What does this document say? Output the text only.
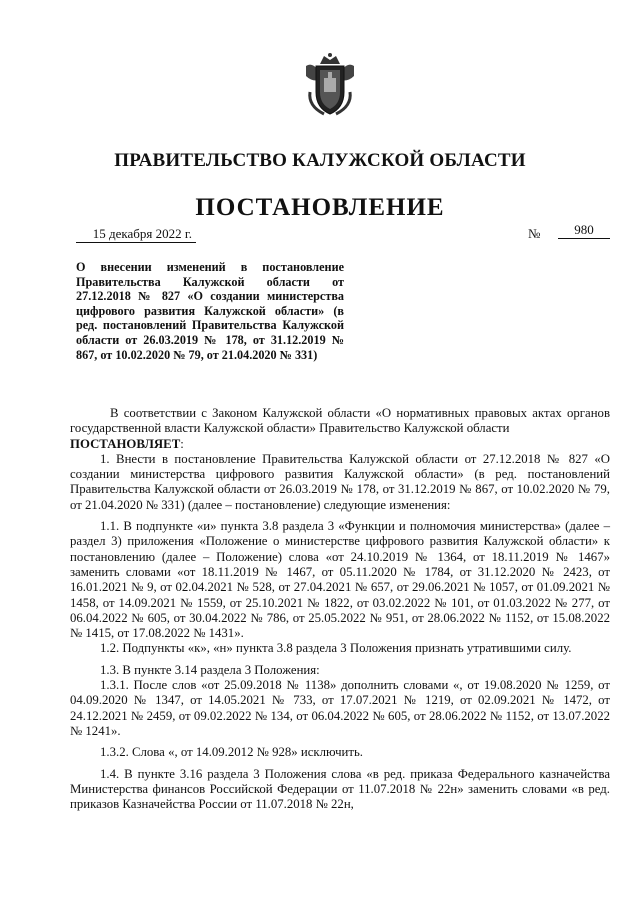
ПРАВИТЕЛЬСТВО КАЛУЖСКОЙ ОБЛАСТИ
ПОСТАНОВЛЕНИЕ
15 декабря 2022 г.	№	980
О внесении изменений в постановление Правительства Калужской области от 27.12.2018 № 827 «О создании министерства цифрового развития Калужской области» (в ред. постановлений Правительства Калужской области от 26.03.2019 № 178, от 31.12.2019 № 867, от 10.02.2020 № 79, от 21.04.2020 № 331)

В соответствии с Законом Калужской области «О нормативных правовых актах органов государственной власти Калужской области» Правительство Калужской области

ПОСТАНОВЛЯЕТ:

1. Внести в постановление Правительства Калужской области от 27.12.2018 № 827 «О создании министерства цифрового развития Калужской области» (в ред. постановлений Правительства Калужской области от 26.03.2019 № 178, от 31.12.2019 № 867, от 10.02.2020 № 79, от 21.04.2020 № 331) (далее – постановление) следующие изменения:

1.1. В подпункте «и» пункта 3.8 раздела 3 «Функции и полномочия министерства» (далее – раздел 3) приложения «Положение о министерстве цифрового развития Калужской области» к постановлению (далее – Положение) слова «от 24.10.2019 № 1364, от 18.11.2019 № 1467» заменить словами «от 18.11.2019 № 1467, от 05.11.2020 № 1784, от 31.12.2020 № 2423, от 16.01.2021 № 9, от 02.04.2021 № 528, от 27.04.2021 № 657, от 29.06.2021 № 1057, от 01.09.2021 № 1458, от 14.09.2021 № 1559, от 25.10.2021 № 1822, от 03.02.2022 № 101, от 01.03.2022 № 277, от 06.04.2022 № 605, от 30.04.2022 № 786, от 25.05.2022 № 951, от 28.06.2022 № 1152, от 15.08.2022 № 1415, от 17.08.2022 № 1431».

1.2. Подпункты «к», «н» пункта 3.8 раздела 3 Положения признать утратившими силу.

1.3. В пункте 3.14 раздела 3 Положения:

1.3.1. После слов «от 25.09.2018 № 1138» дополнить словами «, от 19.08.2020 № 1259, от 04.09.2020 № 1347, от 14.05.2021 № 733, от 17.07.2021 № 1219, от 02.09.2021 № 1472, от 24.12.2021 № 2459, от 09.02.2022 № 134, от 06.04.2022 № 605, от 28.06.2022 № 1152, от 13.07.2022 № 1241».

1.3.2. Слова «, от 14.09.2012 № 928» исключить.

1.4. В пункте 3.16 раздела 3 Положения слова «в ред. приказа Федерального казначейства Министерства финансов Российской Федерации от 11.07.2018 № 22н» заменить словами «в ред. приказов Казначейства России от 11.07.2018 № 22н,
